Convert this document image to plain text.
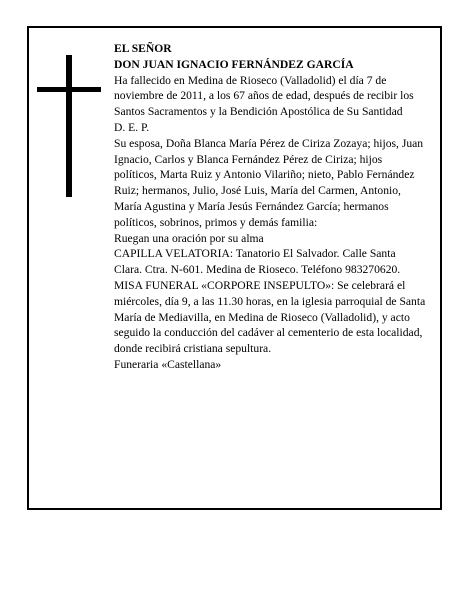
EL SEÑOR

DON JUAN IGNACIO FERNÁNDEZ GARCÍA

Ha fallecido en Medina de Rioseco (Valladolid) el día 7 de noviembre de 2011, a los 67 años de edad, después de recibir los Santos Sacramentos y la Bendición Apostólica de Su Santidad

D. E. P.

Su esposa, Doña Blanca María Pérez de Ciriza Zozaya; hijos, Juan Ignacio, Carlos y Blanca Fernández Pérez de Ciriza; hijos políticos, Marta Ruiz y Antonio Vilariño; nieto, Pablo Fernández Ruiz; hermanos, Julio, José Luis, María del Carmen, Antonio, María Agustina y María Jesús Fernández García; hermanos políticos, sobrinos, primos y demás familia:

Ruegan una oración por su alma

CAPILLA VELATORIA: Tanatorio El Salvador. Calle Santa Clara. Ctra. N-601. Medina de Rioseco. Teléfono 983270620.

MISA FUNERAL «CORPORE INSEPULTO»: Se celebrará el miércoles, día 9, a las 11.30 horas, en la iglesia parroquial de Santa María de Mediavilla, en Medina de Rioseco (Valladolid), y acto seguido la conducción del cadáver al cementerio de esta localidad, donde recibirá cristiana sepultura.

Funeraria «Castellana»
